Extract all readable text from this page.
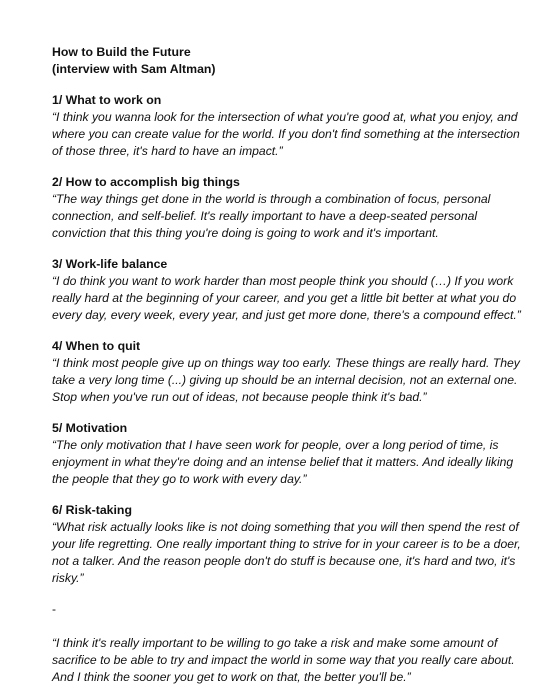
How to Build the Future
(interview with Sam Altman)

1/ What to work on

“I think you wanna look for the intersection of what you're good at, what you enjoy, and where you can create value for the world. If you don't find something at the intersection of those three, it's hard to have an impact.”

2/ How to accomplish big things

“The way things get done in the world is through a combination of focus, personal connection, and self-belief. It's really important to have a deep-seated personal conviction that this thing you're doing is going to work and it's important.

3/ Work-life balance

“I do think you want to work harder than most people think you should (…) If you work really hard at the beginning of your career, and you get a little bit better at what you do every day, every week, every year, and just get more done, there's a compound effect.”

4/ When to quit

“I think most people give up on things way too early. These things are really hard. They take a very long time (...) giving up should be an internal decision, not an external one. Stop when you've run out of ideas, not because people think it's bad.”

5/ Motivation

“The only motivation that I have seen work for people, over a long period of time, is enjoyment in what they're doing and an intense belief that it matters. And ideally liking the people that they go to work with every day.”

6/ Risk-taking

“What risk actually looks like is not doing something that you will then spend the rest of your life regretting. One really important thing to strive for in your career is to be a doer, not a talker. And the reason people don't do stuff is because one, it's hard and two, it's risky.”

-

“I think it's really important to be willing to go take a risk and make some amount of sacrifice to be able to try and impact the world in some way that you really care about. And I think the sooner you get to work on that, the better you'll be.”
